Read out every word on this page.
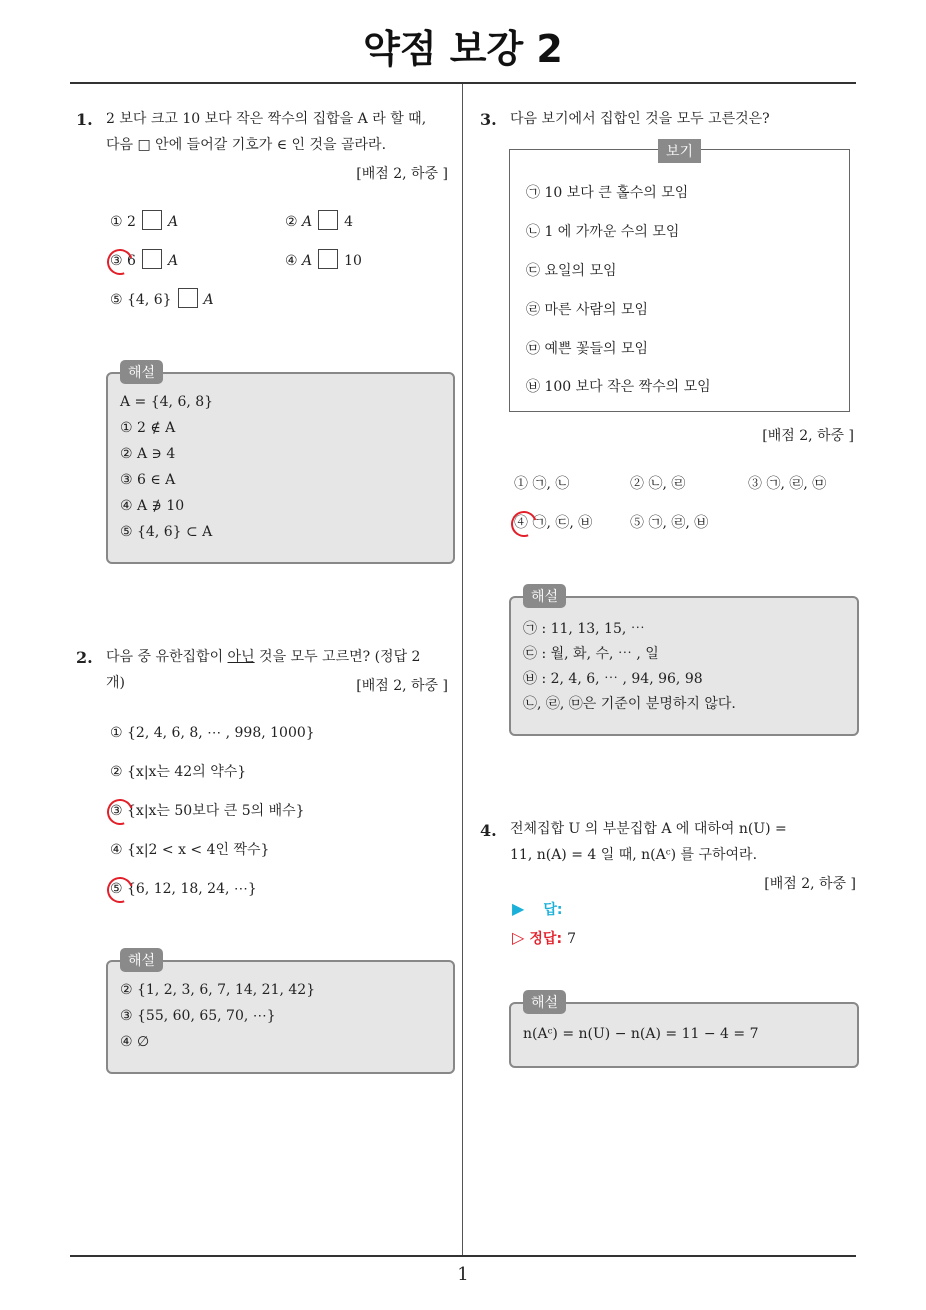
약점 보강 2
1
1. 2 보다 크고 10 보다 작은 짝수의 집합을 A 라 할 때,
다음 □ 안에 들어갈 기호가 ∈ 인 것을 골라라.
[배점 2, 하중 ]
① 2 A	② A 4
③ 6 A	④ A 10
⑤ {4, 6} A
해설
A = {4, 6, 8}
① 2 ∉ A
② A ∋ 4
③ 6 ∈ A
④ A ∌ 10
⑤ {4, 6} ⊂ A
2. 다음 중 유한집합이 아닌 것을 모두 고르면? (정답 2
개)	[배점 2, 하중 ]
① {2, 4, 6, 8, ⋯ , 998, 1000}
② {x|x는 42의 약수}
③ {x|x는 50보다 큰 5의 배수}
④ {x|2 < x < 4인 짝수}
⑤ {6, 12, 18, 24, ⋯}
해설
② {1, 2, 3, 6, 7, 14, 21, 42}
③ {55, 60, 65, 70, ⋯}
④ ∅
3. 다음 보기에서 집합인 것을 모두 고른것은?
보기
㉠ 10 보다 큰 홀수의 모임
㉡ 1 에 가까운 수의 모임
㉢ 요일의 모임
㉣ 마른 사람의 모임
㉤ 예쁜 꽃들의 모임
㉥ 100 보다 작은 짝수의 모임
[배점 2, 하중 ]
① ㉠, ㉡	② ㉡, ㉣	③ ㉠, ㉣, ㉤
④ ㉠, ㉢, ㉥	⑤ ㉠, ㉣, ㉥
해설
㉠ : 11, 13, 15, ⋯
㉢ : 월, 화, 수, ⋯ , 일
㉥ : 2, 4, 6, ⋯ , 94, 96, 98
㉡, ㉣, ㉤은 기준이 분명하지 않다.
4. 전체집합 U 의 부분집합 A 에 대하여 n(U) =
11, n(A) = 4 일 때, n(Aᶜ) 를 구하여라.
[배점 2, 하중 ]
▶ 답:
▷ 정답: 7
해설
n(Aᶜ) = n(U) − n(A) = 11 − 4 = 7
